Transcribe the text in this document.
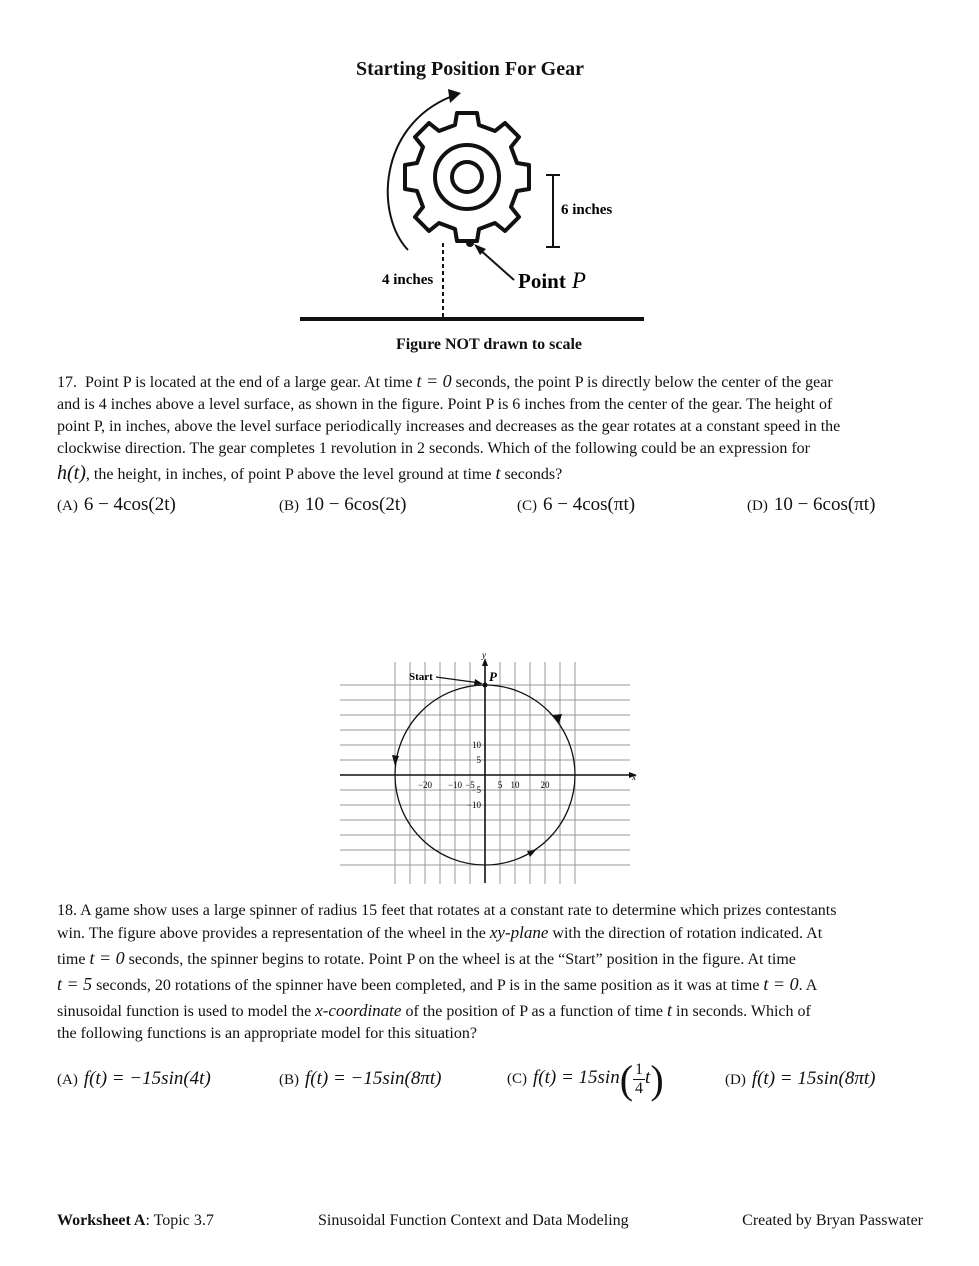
Starting Position For Gear
6 inches
4 inches	Point P
Figure NOT drawn to scale
17. Point P is located at the end of a large gear. At time t = 0 seconds, the point P is directly below the center of the gear
and is 4 inches above a level surface, as shown in the figure. Point P is 6 inches from the center of the gear. The height of
point P, in inches, above the level surface periodically increases and decreases as the gear rotates at a constant speed in the
clockwise direction. The gear completes 1 revolution in 2 seconds. Which of the following could be an expression for
h(t), the height, in inches, of point P above the level ground at time t seconds?
(A) 6 − 4cos(2t)	(B) 10 − 6cos(2t)	(C) 6 − 4cos(πt)	(D) 10 − 6cos(πt)
x
y
−20 −10 −5	5 10 20
10
5
−5
−10
Start	P
18. A game show uses a large spinner of radius 15 feet that rotates at a constant rate to determine which prizes contestants
win. The figure above provides a representation of the wheel in the xy-plane with the direction of rotation indicated. At
time t = 0 seconds, the spinner begins to rotate. Point P on the wheel is at the “Start” position in the figure. At time
t = 5 seconds, 20 rotations of the spinner have been completed, and P is in the same position as it was at time t = 0. A
sinusoidal function is used to model the x-coordinate of the position of P as a function of time t in seconds. Which of
the following functions is an appropriate model for this situation?
(A) f(t) = −15sin(4t)	(B) f(t) = −15sin(8πt)	(C) $f(t) = 15\sin( \frac{1}{4} t)$	(D) f(t) = 15sin(8πt)
Worksheet A: Topic 3.7	Sinusoidal Function Context and Data Modeling	Created by Bryan Passwater
